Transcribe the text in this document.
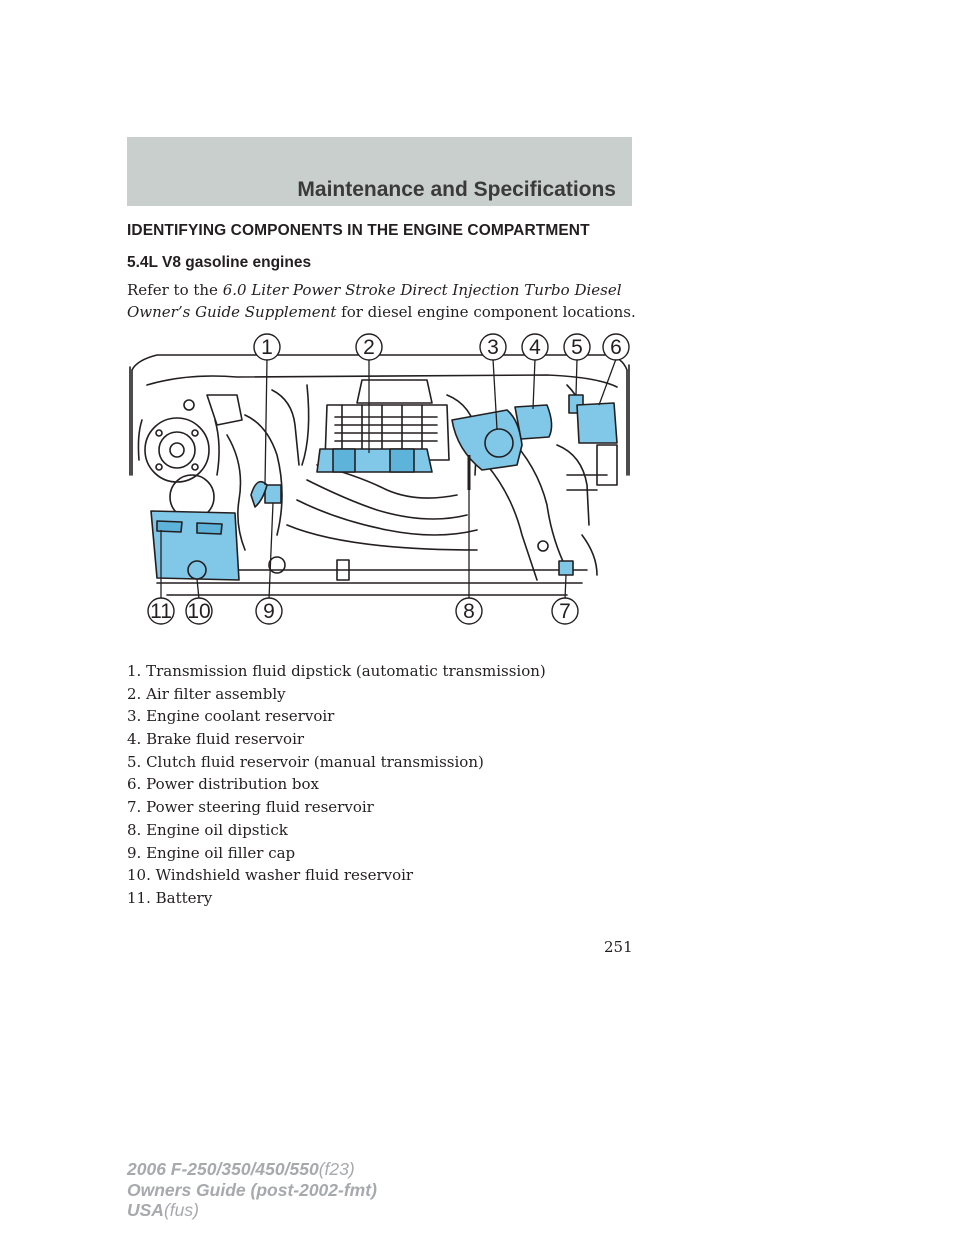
Maintenance and Specifications
IDENTIFYING COMPONENTS IN THE ENGINE COMPARTMENT
5.4L V8 gasoline engines
Refer to the 6.0 Liter Power Stroke Direct Injection Turbo Diesel Owner’s Guide Supplement for diesel engine component locations.
1	2	3 4 5 6
7
8
9
10
11
1. Transmission fluid dipstick (automatic transmission)
2. Air filter assembly
3. Engine coolant reservoir
4. Brake fluid reservoir
5. Clutch fluid reservoir (manual transmission)
6. Power distribution box
7. Power steering fluid reservoir
8. Engine oil dipstick
9. Engine oil filler cap
10. Windshield washer fluid reservoir
11. Battery
251
2006 F-250/350/450/550(f23)
Owners Guide (post-2002-fmt)
USA(fus)
